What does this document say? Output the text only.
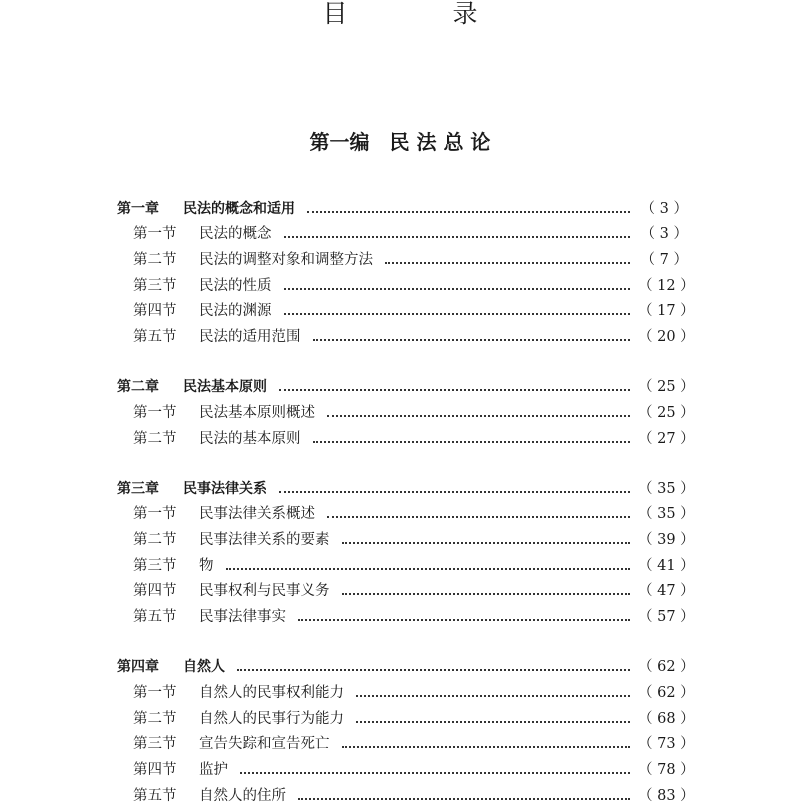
目　录
第一编 民 法 总 论
第一章	民法的概念和适用	（ 3 ）
第一节	民法的概念	（ 3 ）
第二节	民法的调整对象和调整方法	（ 7 ）
第三节	民法的性质	（ 12 ）
第四节	民法的渊源	（ 17 ）
第五节	民法的适用范围	（ 20 ）
第二章	民法基本原则	（ 25 ）
第一节	民法基本原则概述	（ 25 ）
第二节	民法的基本原则	（ 27 ）
第三章	民事法律关系	（ 35 ）
第一节	民事法律关系概述	（ 35 ）
第二节	民事法律关系的要素	（ 39 ）
第三节	物	（ 41 ）
第四节	民事权利与民事义务	（ 47 ）
第五节	民事法律事实	（ 57 ）
第四章	自然人	（ 62 ）
第一节	自然人的民事权利能力	（ 62 ）
第二节	自然人的民事行为能力	（ 68 ）
第三节	宣告失踪和宣告死亡	（ 73 ）
第四节	监护	（ 78 ）
第五节	自然人的住所	（ 83 ）
